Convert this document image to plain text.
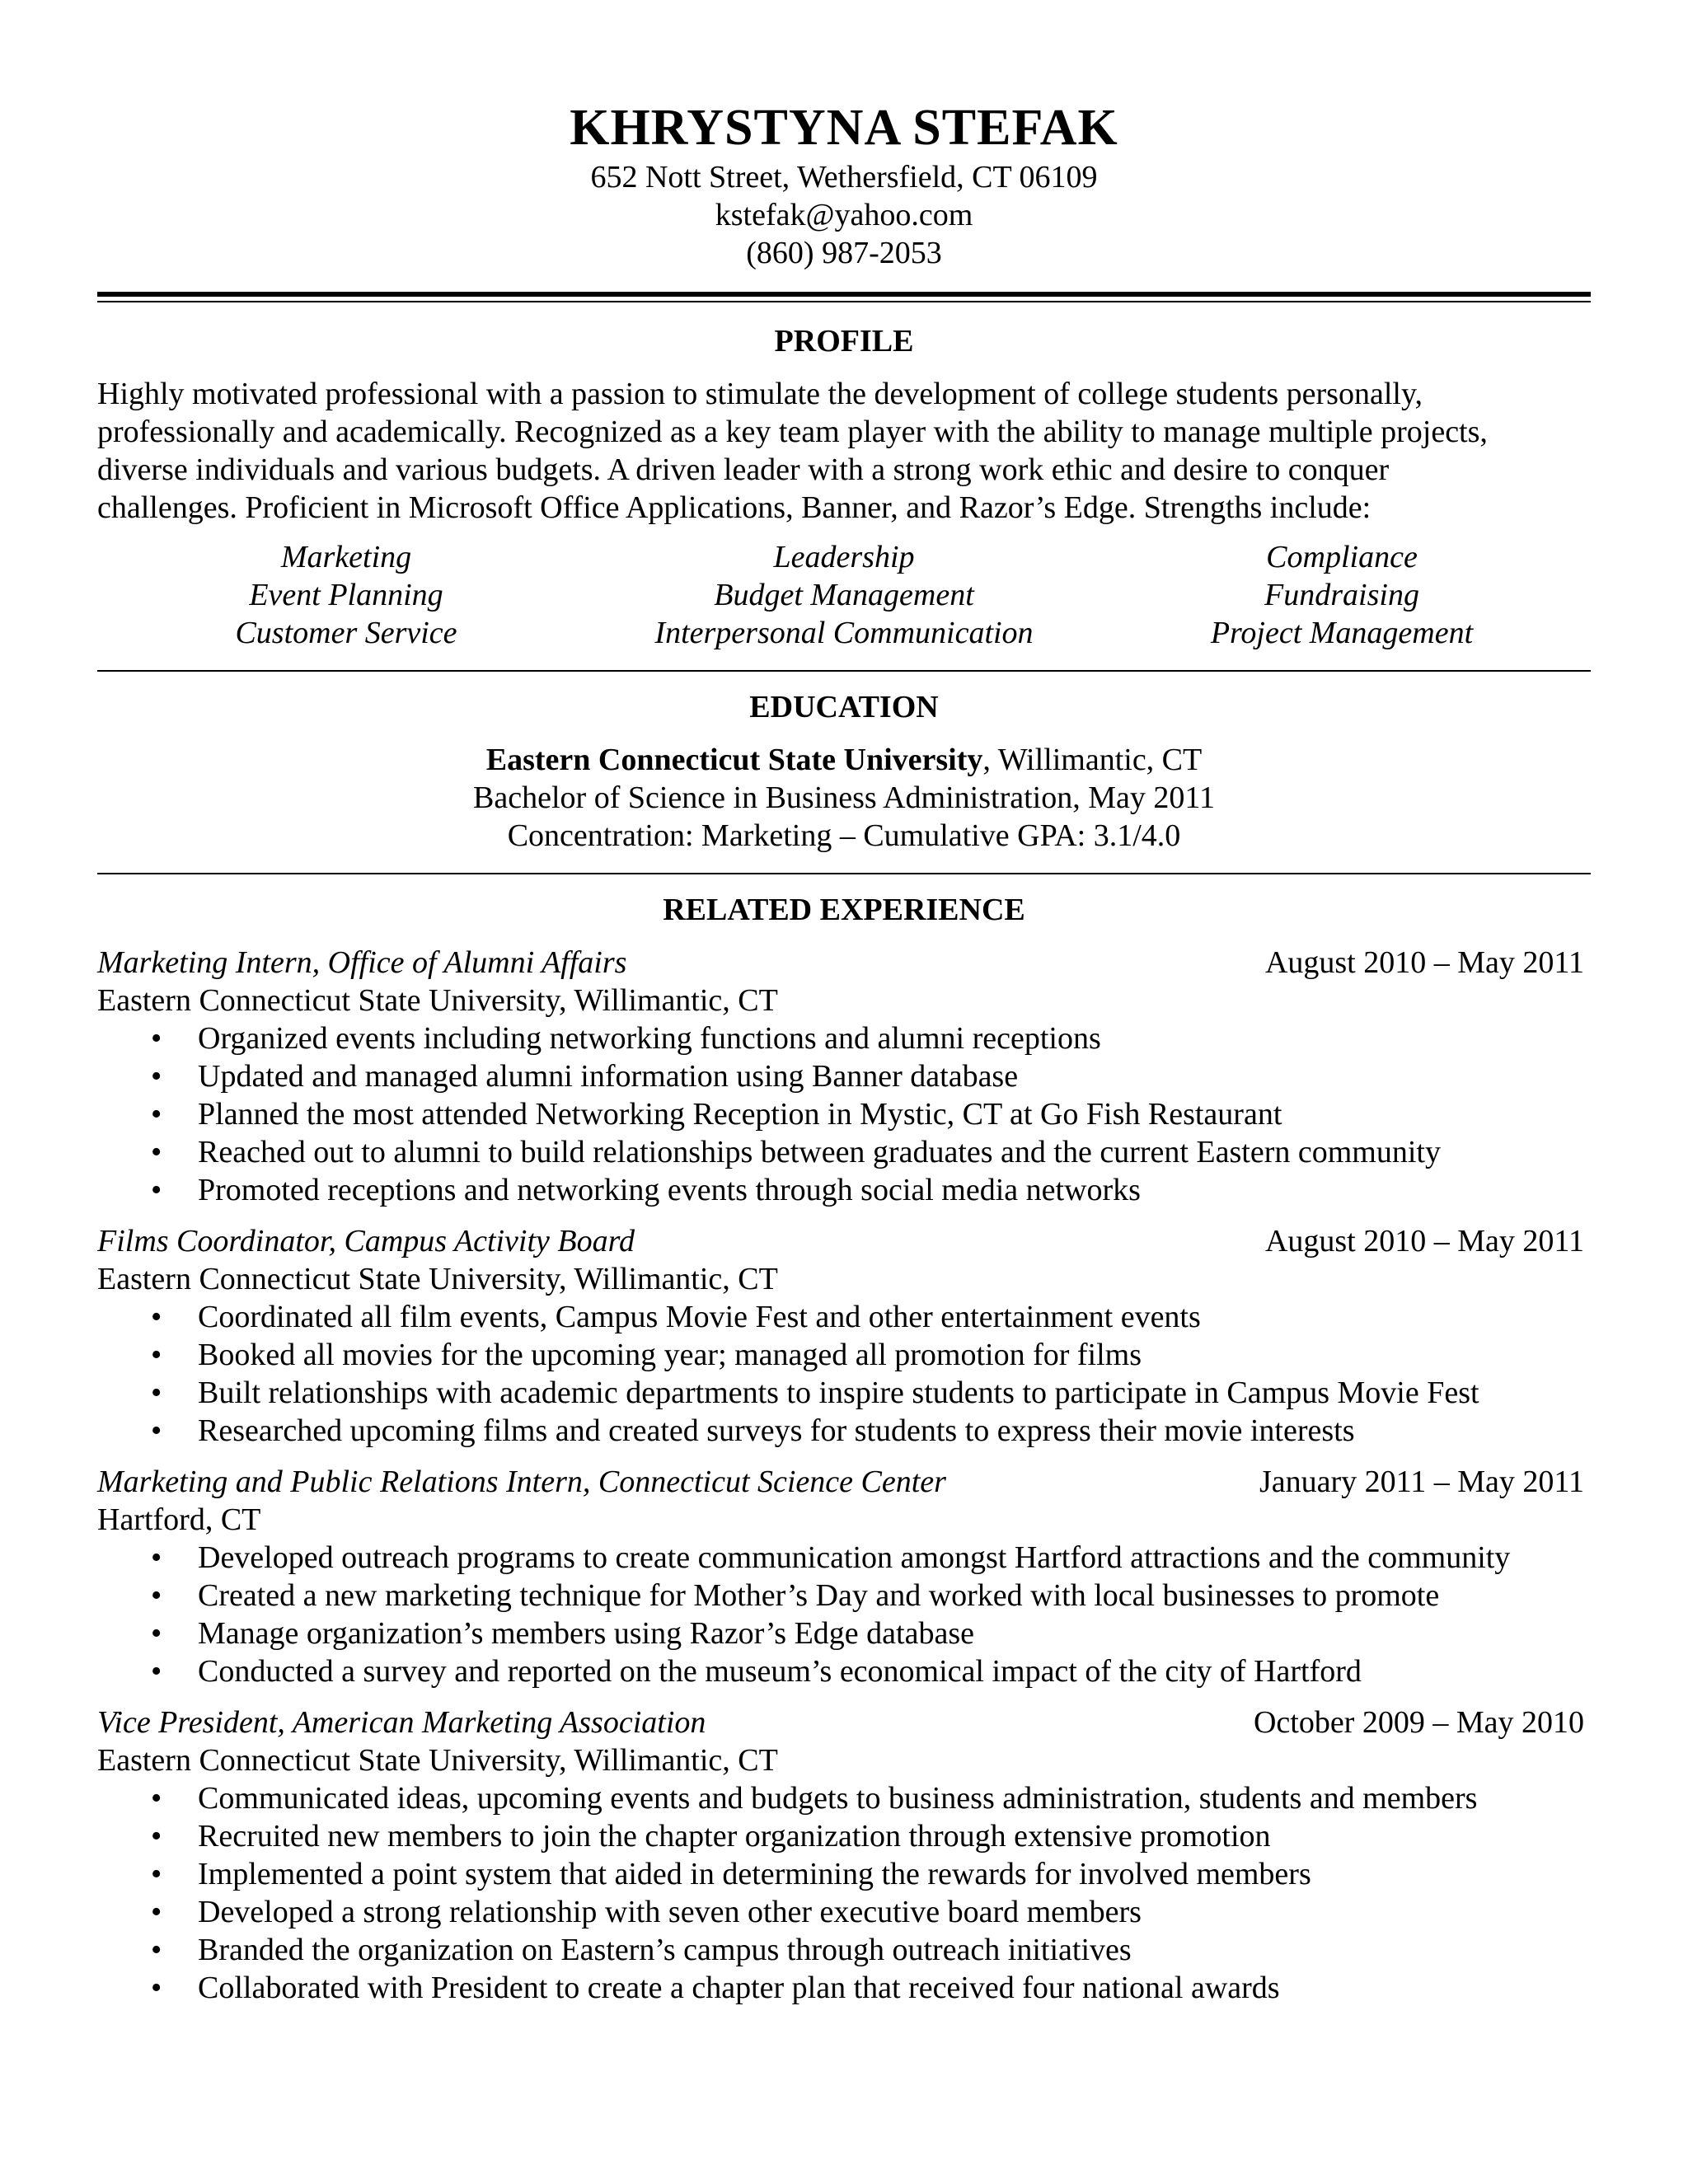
KHRYSTYNA STEFAK
652 Nott Street, Wethersfield, CT 06109
kstefak@yahoo.com
(860) 987-2053
PROFILE
Highly motivated professional with a passion to stimulate the development of college students personally,
professionally and academically. Recognized as a key team player with the ability to manage multiple projects,
diverse individuals and various budgets. A driven leader with a strong work ethic and desire to conquer
challenges. Proficient in Microsoft Office Applications, Banner, and Razor’s Edge. Strengths include:
Marketing	Leadership	Compliance
Event Planning	Budget Management	Fundraising
Customer Service	Interpersonal Communication	Project Management
EDUCATION
Eastern Connecticut State University, Willimantic, CT
Bachelor of Science in Business Administration, May 2011
Concentration: Marketing – Cumulative GPA: 3.1/4.0
RELATED EXPERIENCE
Marketing Intern, Office of Alumni Affairs	August 2010 – May 2011
Eastern Connecticut State University, Willimantic, CT
• Organized events including networking functions and alumni receptions
• Updated and managed alumni information using Banner database
• Planned the most attended Networking Reception in Mystic, CT at Go Fish Restaurant
• Reached out to alumni to build relationships between graduates and the current Eastern community
• Promoted receptions and networking events through social media networks
Films Coordinator, Campus Activity Board	August 2010 – May 2011
Eastern Connecticut State University, Willimantic, CT
• Coordinated all film events, Campus Movie Fest and other entertainment events
• Booked all movies for the upcoming year; managed all promotion for films
• Built relationships with academic departments to inspire students to participate in Campus Movie Fest
• Researched upcoming films and created surveys for students to express their movie interests
Marketing and Public Relations Intern, Connecticut Science Center	January 2011 – May 2011
Hartford, CT
• Developed outreach programs to create communication amongst Hartford attractions and the community
• Created a new marketing technique for Mother’s Day and worked with local businesses to promote
• Manage organization’s members using Razor’s Edge database
• Conducted a survey and reported on the museum’s economical impact of the city of Hartford
Vice President, American Marketing Association	October 2009 – May 2010
Eastern Connecticut State University, Willimantic, CT
• Communicated ideas, upcoming events and budgets to business administration, students and members
• Recruited new members to join the chapter organization through extensive promotion
• Implemented a point system that aided in determining the rewards for involved members
• Developed a strong relationship with seven other executive board members
• Branded the organization on Eastern’s campus through outreach initiatives
• Collaborated with President to create a chapter plan that received four national awards
